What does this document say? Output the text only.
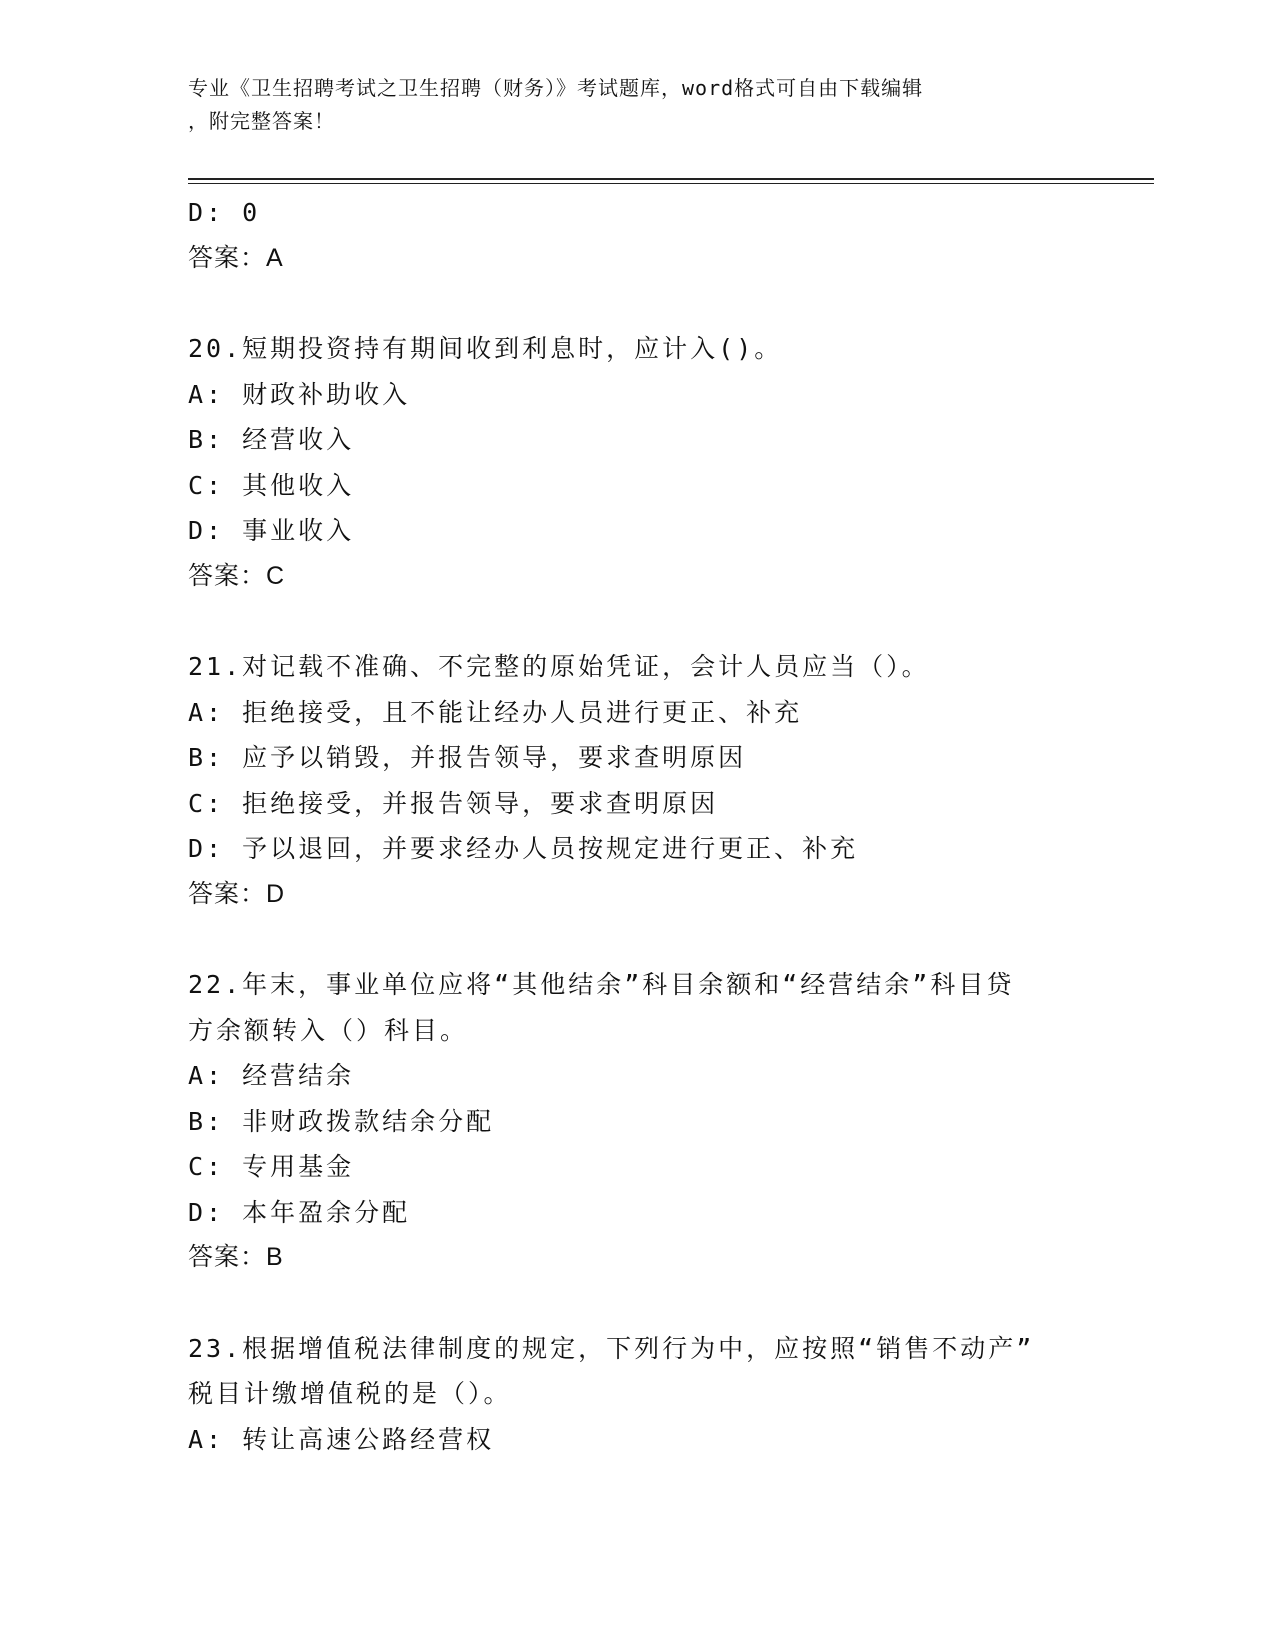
专业《卫生招聘考试之卫生招聘（财务）》考试题库，word格式可自由下载编辑
，附完整答案！
D: 0
答案：A
20.短期投资持有期间收到利息时，应计入()。
A: 财政补助收入
B: 经营收入
C: 其他收入
D: 事业收入
答案：C
21.对记载不准确、不完整的原始凭证，会计人员应当（）。
A: 拒绝接受，且不能让经办人员进行更正、补充
B: 应予以销毁，并报告领导，要求查明原因
C: 拒绝接受，并报告领导，要求查明原因
D: 予以退回，并要求经办人员按规定进行更正、补充
答案：D
22.年末，事业单位应将“其他结余”科目余额和“经营结余”科目贷
方余额转入（）科目。
A: 经营结余
B: 非财政拨款结余分配
C: 专用基金
D: 本年盈余分配
答案：B
23.根据增值税法律制度的规定，下列行为中，应按照“销售不动产”
税目计缴增值税的是（）。
A: 转让高速公路经营权
